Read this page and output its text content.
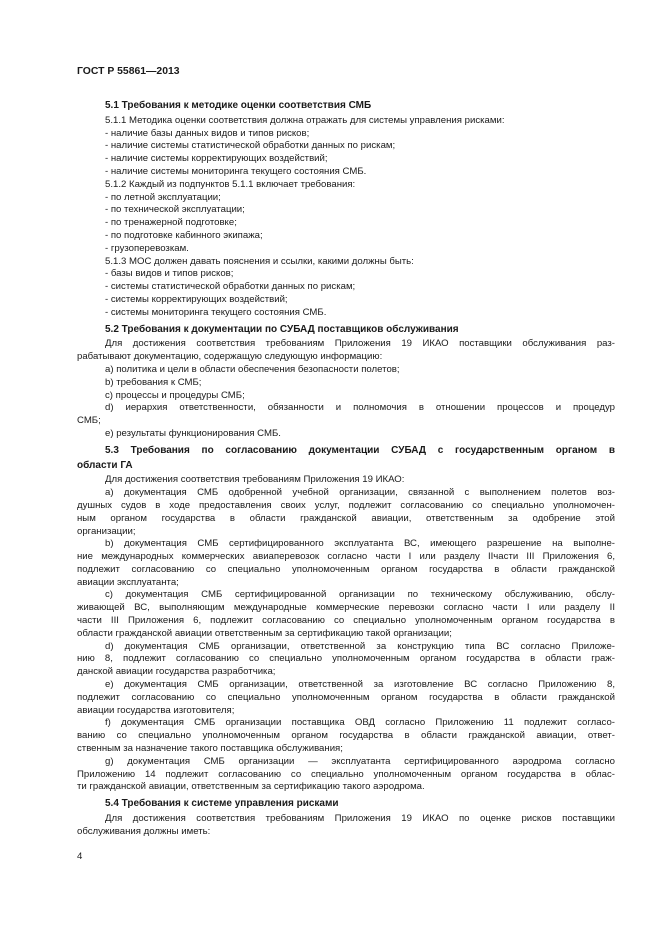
ГОСТ Р 55861—2013
5.1 Требования к методике оценки соответствия СМБ
5.1.1 Методика оценки соответствия должна отражать для системы управления рисками:
- наличие базы данных видов и типов рисков;
- наличие системы статистической обработки данных по рискам;
- наличие системы корректирующих воздействий;
- наличие системы мониторинга текущего состояния СМБ.
5.1.2 Каждый из подпунктов 5.1.1 включает требования:
- по летной эксплуатации;
- по технической эксплуатации;
- по тренажерной подготовке;
- по подготовке кабинного экипажа;
- грузоперевозкам.
5.1.3 МОС должен давать пояснения и ссылки, какими должны быть:
- базы видов и типов рисков;
- системы статистической обработки данных по рискам;
- системы корректирующих воздействий;
- системы мониторинга текущего состояния СМБ.
5.2 Требования к документации по СУБАД поставщиков обслуживания
Для достижения соответствия требованиям Приложения 19 ИКАО поставщики обслуживания раз-
рабатывают документацию, содержащую следующую информацию:
а) политика и цели в области обеспечения безопасности полетов;
b) требования к СМБ;
с) процессы и процедуры СМБ;
d) иерархия ответственности, обязанности и полномочия в отношении процессов и процедур
СМБ;
е) результаты функционирования СМБ.
5.3 Требования по согласованию документации СУБАД с государственным органом в
области ГА
Для достижения соответствия требованиям Приложения 19 ИКАО:
а) документация СМБ одобренной учебной организации, связанной с выполнением полетов воз-
душных судов в ходе предоставления своих услуг, подлежит согласованию со специально уполномочен-
ным органом государства в области гражданской авиации, ответственным за одобрение этой
организации;
b) документация СМБ сертифицированного эксплуатанта ВС, имеющего разрешение на выполне-
ние международных коммерческих авиаперевозок согласно части I или разделу IIчасти III Приложения 6,
подлежит согласованию со специально уполномоченным органом государства в области гражданской
авиации эксплуатанта;
с) документация СМБ сертифицированной организации по техническому обслуживанию, обслу-
живающей ВС, выполняющим международные коммерческие перевозки согласно части I или разделу II
части III Приложения 6, подлежит согласованию со специально уполномоченным органом государства в
области гражданской авиации ответственным за сертификацию такой организации;
d) документация СМБ организации, ответственной за конструкцию типа ВС согласно Приложе-
нию 8, подлежит согласованию со специально уполномоченным органом государства в области граж-
данской авиации государства разработчика;
е) документация СМБ организации, ответственной за изготовление ВС согласно Приложению 8,
подлежит согласованию со специально уполномоченным органом государства в области гражданской
авиации государства изготовителя;
f) документация СМБ организации поставщика ОВД согласно Приложению 11 подлежит согласо-
ванию со специально уполномоченным органом государства в области гражданской авиации, ответ-
ственным за назначение такого поставщика обслуживания;
g) документация СМБ организации — эксплуатанта сертифицированного аэродрома согласно
Приложению 14 подлежит согласованию со специально уполномоченным органом государства в облас-
ти гражданской авиации, ответственным за сертификацию такого аэродрома.
5.4 Требования к системе управления рисками
Для достижения соответствия требованиям Приложения 19 ИКАО по оценке рисков поставщики
обслуживания должны иметь:
4
